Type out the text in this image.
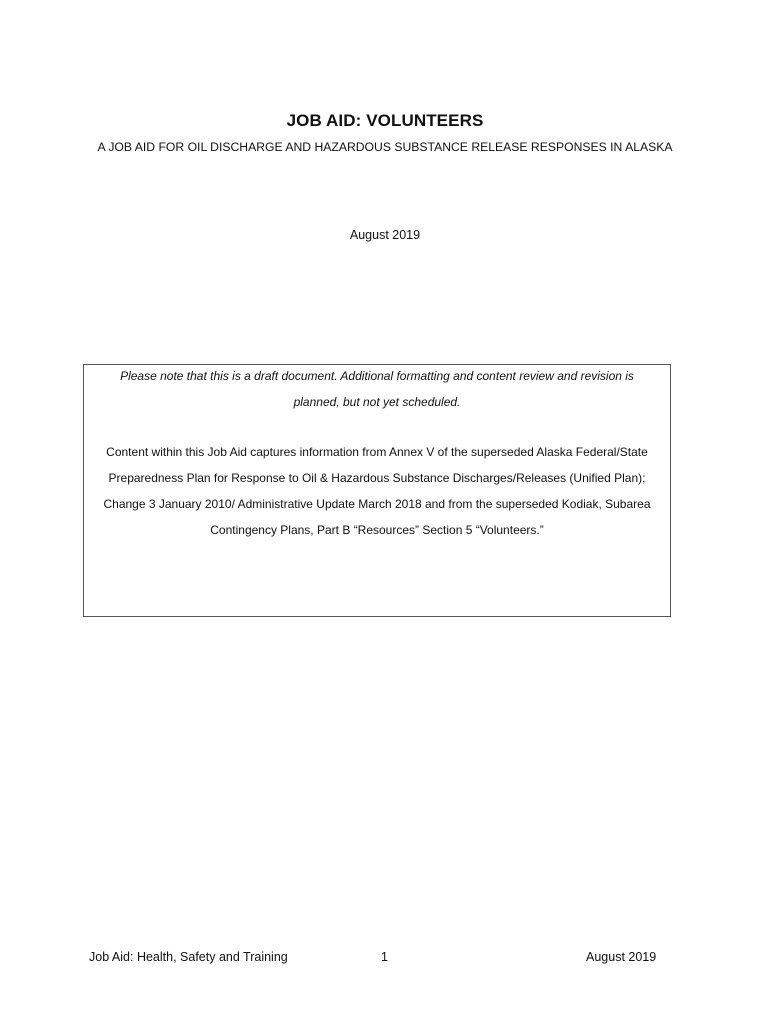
JOB AID: VOLUNTEERS
A JOB AID FOR OIL DISCHARGE AND HAZARDOUS SUBSTANCE RELEASE RESPONSES IN ALASKA
August 2019
Please note that this is a draft document. Additional formatting and content review and revision is planned, but not yet scheduled.
Content within this Job Aid captures information from Annex V of the superseded Alaska Federal/State Preparedness Plan for Response to Oil & Hazardous Substance Discharges/Releases (Unified Plan); Change 3 January 2010/ Administrative Update March 2018 and from the superseded Kodiak, Subarea Contingency Plans, Part B “Resources” Section 5 “Volunteers.”
Job Aid: Health, Safety and Training	1	August 2019
